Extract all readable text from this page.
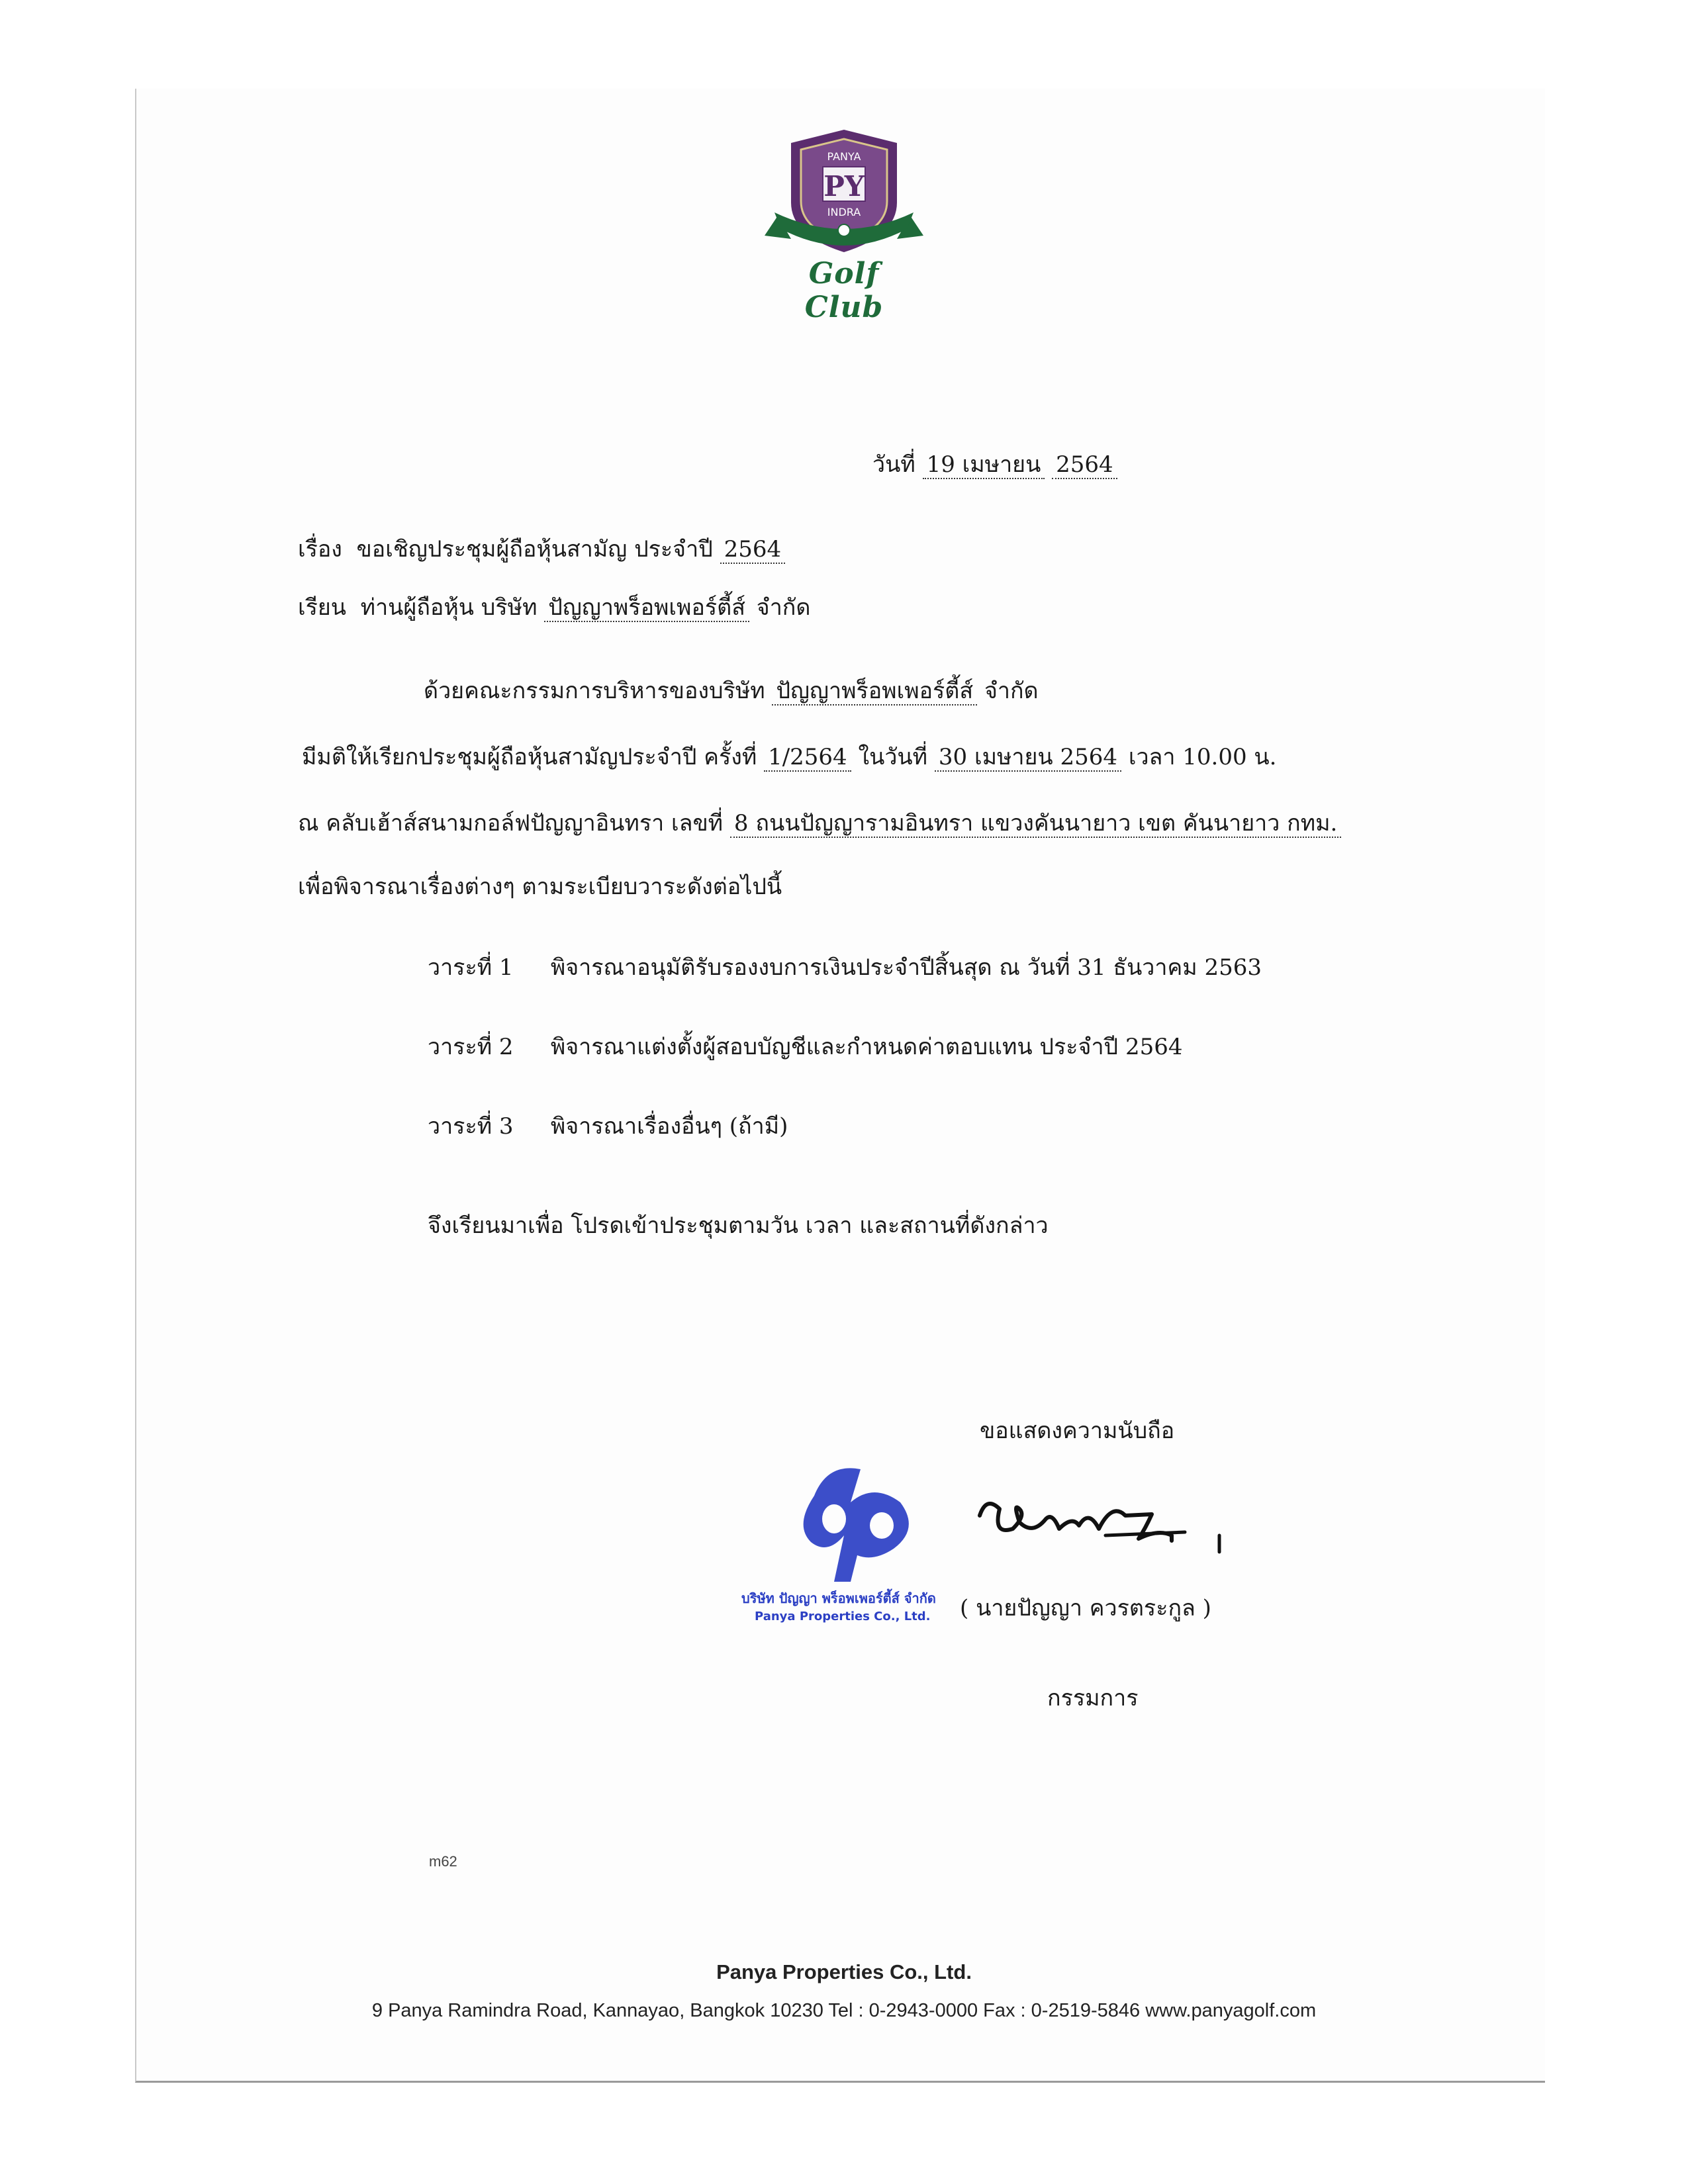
PANYA
PY
INDRA
Golf Club
วันที่ 19 เมษายน 2564
เรื่อง ขอเชิญประชุมผู้ถือหุ้นสามัญ ประจำปี 2564
เรียน ท่านผู้ถือหุ้น บริษัท ปัญญาพร็อพเพอร์ตี้ส์ จำกัด
ด้วยคณะกรรมการบริหารของบริษัท ปัญญาพร็อพเพอร์ตี้ส์ จำกัด
มีมติให้เรียกประชุมผู้ถือหุ้นสามัญประจำปี ครั้งที่ 1/2564 ในวันที่ 30 เมษายน 2564 เวลา 10.00 น.
ณ คลับเฮ้าส์สนามกอล์ฟปัญญาอินทรา เลขที่ 8 ถนนปัญญารามอินทรา แขวงคันนายาว เขต คันนายาว กทม.
เพื่อพิจารณาเรื่องต่างๆ ตามระเบียบวาระดังต่อไปนี้
วาระที่ 1 พิจารณาอนุมัติรับรองงบการเงินประจำปีสิ้นสุด ณ วันที่ 31 ธันวาคม 2563
วาระที่ 2 พิจารณาแต่งตั้งผู้สอบบัญชีและกำหนดค่าตอบแทน ประจำปี 2564
วาระที่ 3 พิจารณาเรื่องอื่นๆ (ถ้ามี)
จึงเรียนมาเพื่อ โปรดเข้าประชุมตามวัน เวลา และสถานที่ดังกล่าว
ขอแสดงความนับถือ
บริษัท ปัญญา พร็อพเพอร์ตี้ส์ จำกัด
Panya Properties Co., Ltd. ( นายปัญญา ควรตระกูล )
กรรมการ
m62
Panya Properties Co., Ltd.
9 Panya Ramindra Road, Kannayao, Bangkok 10230 Tel : 0-2943-0000 Fax : 0-2519-5846 www.panyagolf.com
